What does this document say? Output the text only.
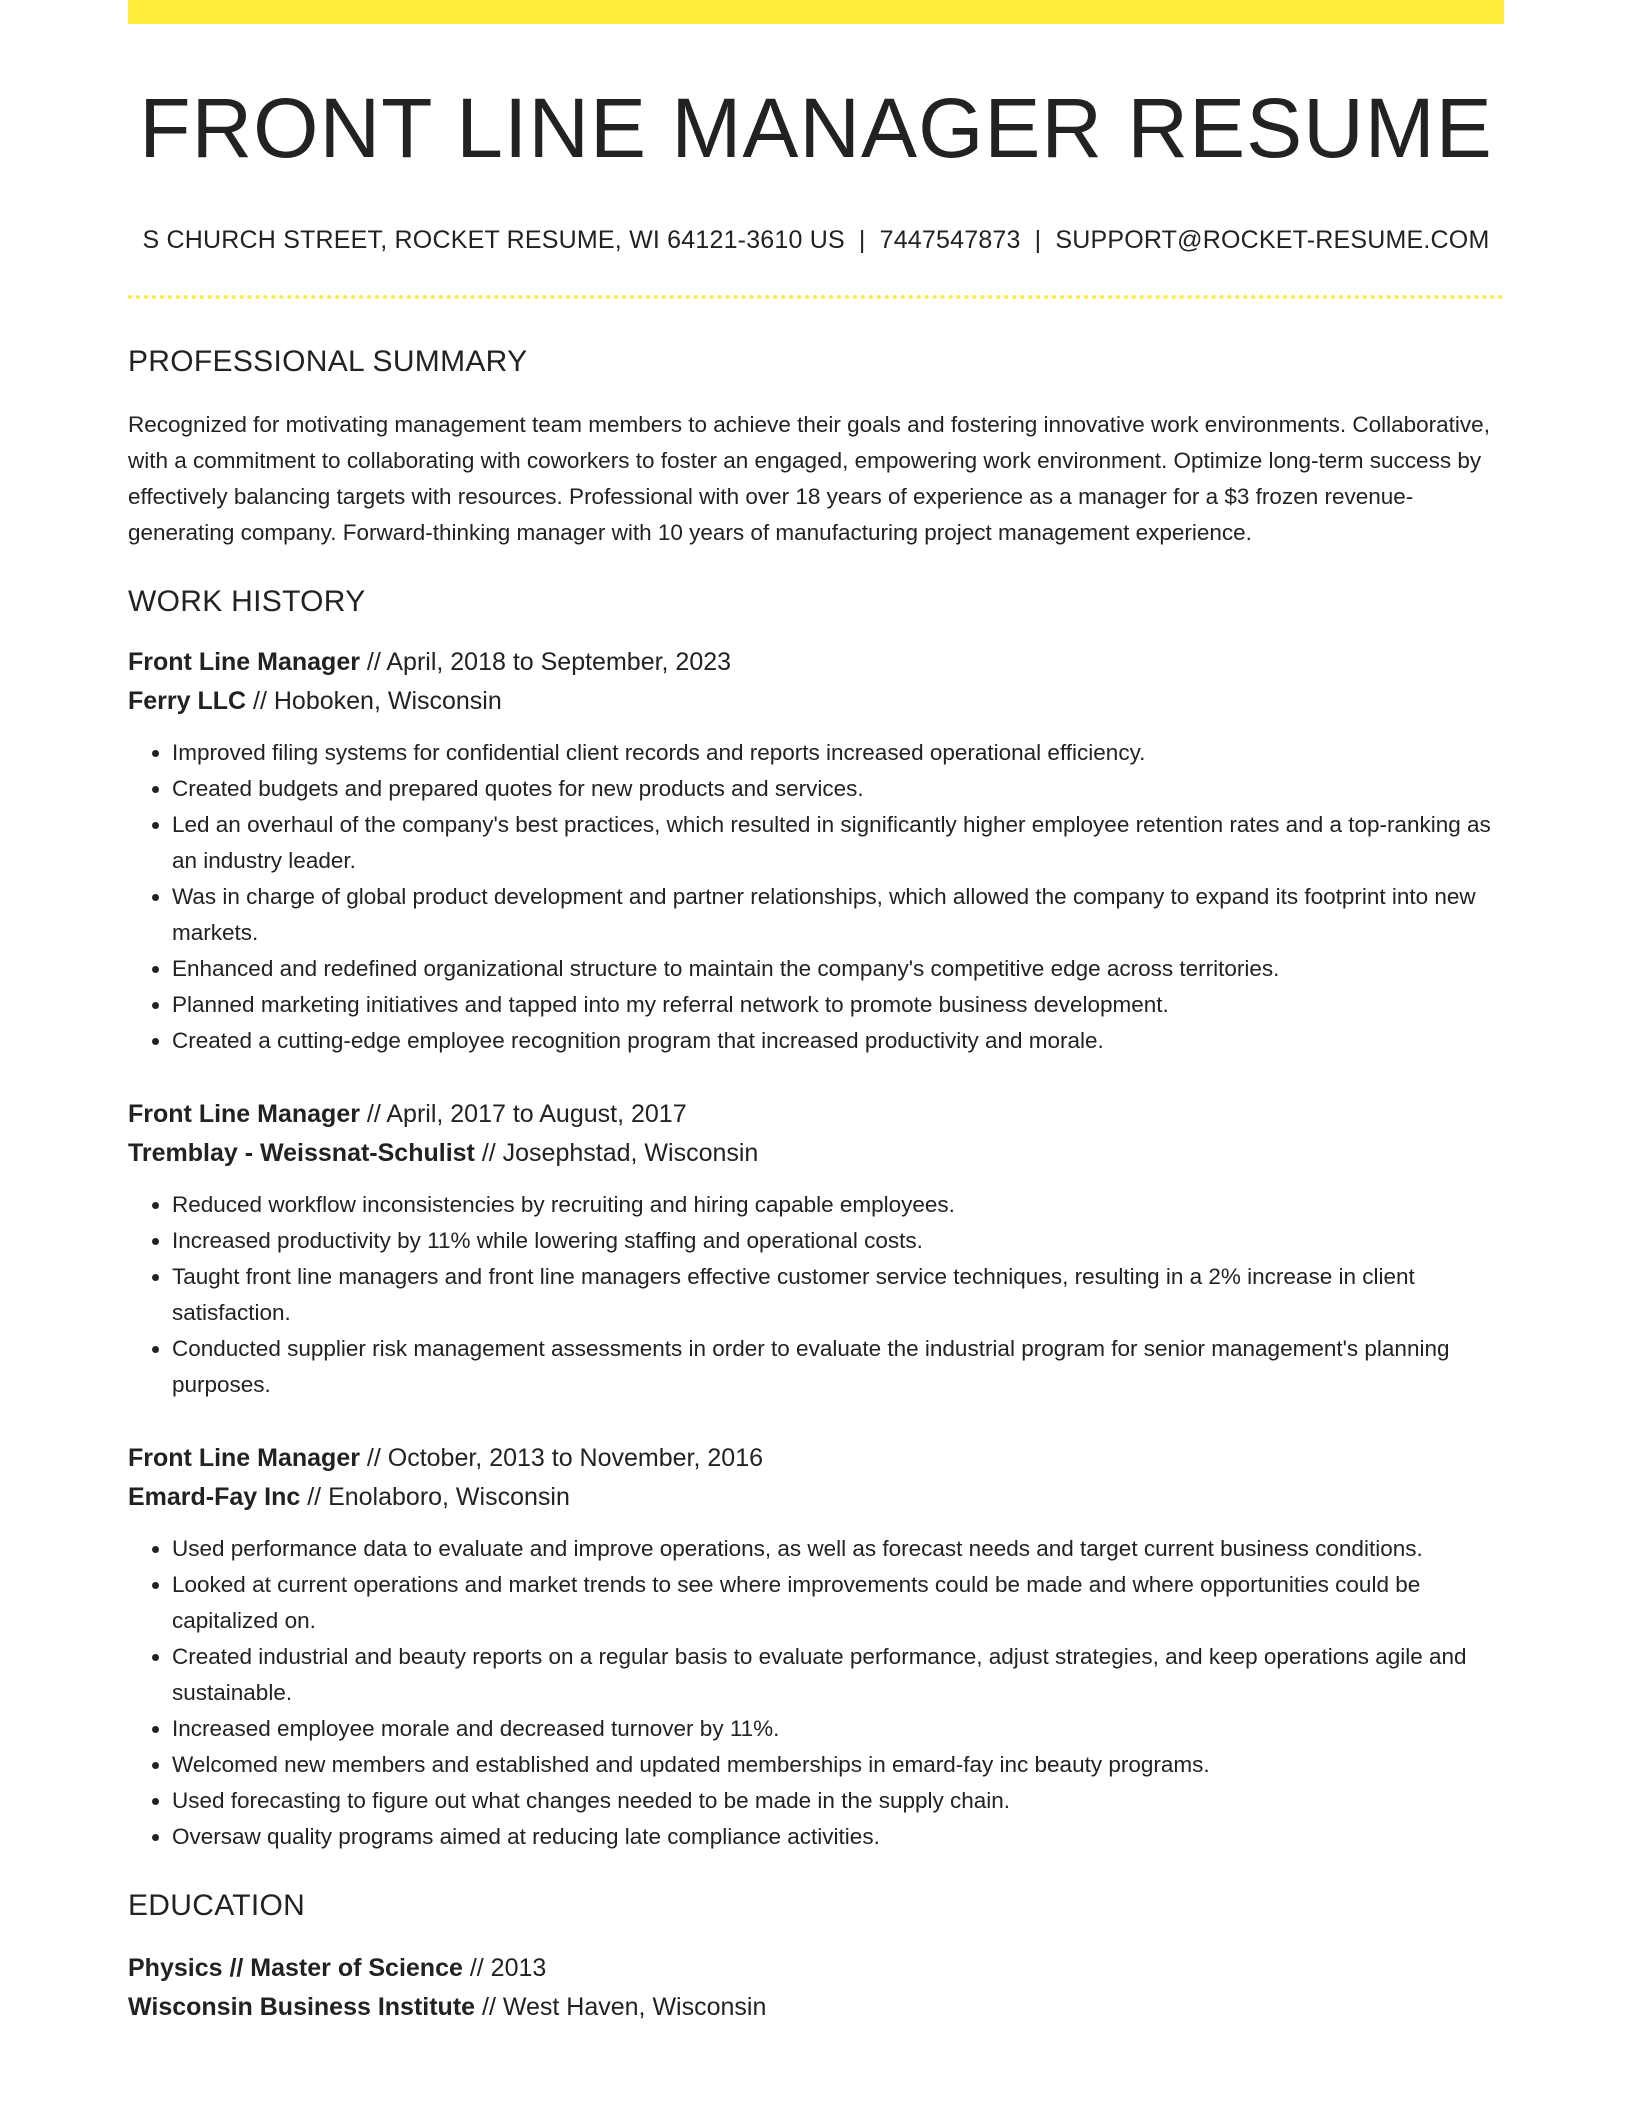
FRONT LINE MANAGER RESUME
S CHURCH STREET, ROCKET RESUME, WI 64121-3610 US | 7447547873 | SUPPORT@ROCKET-RESUME.COM
PROFESSIONAL SUMMARY
Recognized for motivating management team members to achieve their goals and fostering innovative work environments. Collaborative, with a commitment to collaborating with coworkers to foster an engaged, empowering work environment. Optimize long-term success by effectively balancing targets with resources. Professional with over 18 years of experience as a manager for a $3 frozen revenue-generating company. Forward-thinking manager with 10 years of manufacturing project management experience.
WORK HISTORY
Front Line Manager // April, 2018 to September, 2023
Ferry LLC // Hoboken, Wisconsin
• Improved filing systems for confidential client records and reports increased operational efficiency.
• Created budgets and prepared quotes for new products and services.
• Led an overhaul of the company's best practices, which resulted in significantly higher employee retention rates and a top-ranking as an industry leader.
• Was in charge of global product development and partner relationships, which allowed the company to expand its footprint into new markets.
• Enhanced and redefined organizational structure to maintain the company's competitive edge across territories.
• Planned marketing initiatives and tapped into my referral network to promote business development.
• Created a cutting-edge employee recognition program that increased productivity and morale.
Front Line Manager // April, 2017 to August, 2017
Tremblay - Weissnat-Schulist // Josephstad, Wisconsin
• Reduced workflow inconsistencies by recruiting and hiring capable employees.
• Increased productivity by 11% while lowering staffing and operational costs.
• Taught front line managers and front line managers effective customer service techniques, resulting in a 2% increase in client satisfaction.
• Conducted supplier risk management assessments in order to evaluate the industrial program for senior management's planning purposes.
Front Line Manager // October, 2013 to November, 2016
Emard-Fay Inc // Enolaboro, Wisconsin
• Used performance data to evaluate and improve operations, as well as forecast needs and target current business conditions.
• Looked at current operations and market trends to see where improvements could be made and where opportunities could be capitalized on.
• Created industrial and beauty reports on a regular basis to evaluate performance, adjust strategies, and keep operations agile and sustainable.
• Increased employee morale and decreased turnover by 11%.
• Welcomed new members and established and updated memberships in emard-fay inc beauty programs.
• Used forecasting to figure out what changes needed to be made in the supply chain.
• Oversaw quality programs aimed at reducing late compliance activities.
EDUCATION
Physics // Master of Science // 2013
Wisconsin Business Institute // West Haven, Wisconsin
